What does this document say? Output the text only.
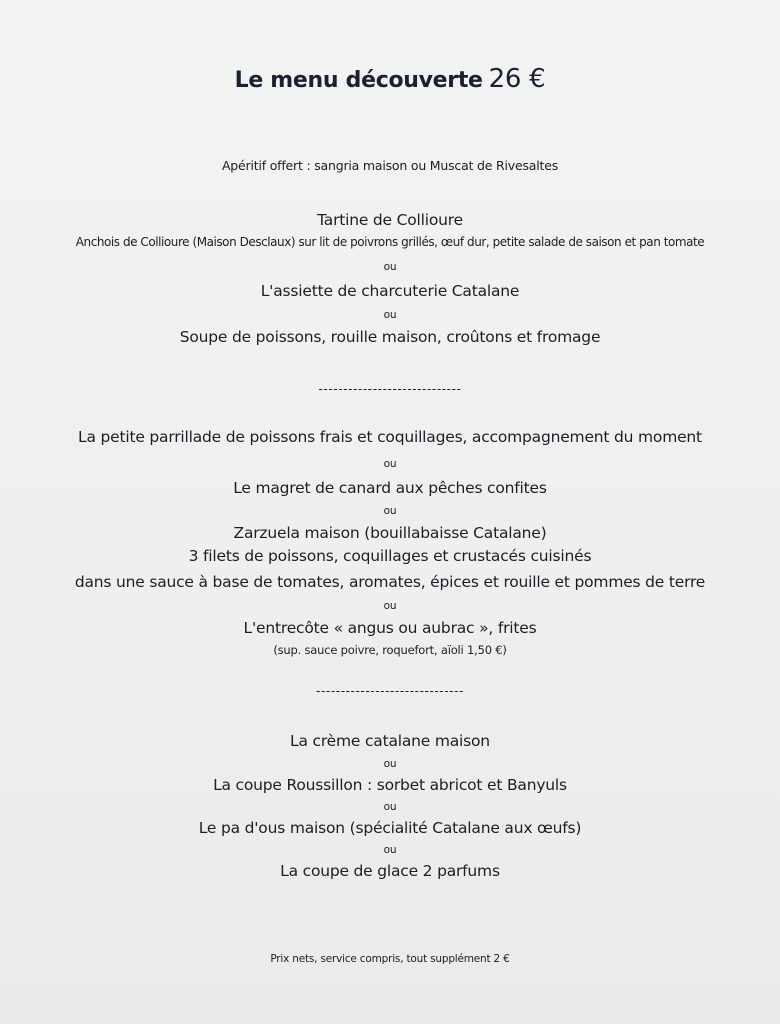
Le menu découverte 26 €
Apéritif offert : sangria maison ou Muscat de Rivesaltes
Tartine de Collioure
Anchois de Collioure (Maison Desclaux) sur lit de poivrons grillés, œuf dur, petite salade de saison et pan tomate
ou
L'assiette de charcuterie Catalane
ou
Soupe de poissons, rouille maison, croûtons et fromage
-----------------------------
La petite parrillade de poissons frais et coquillages, accompagnement du moment
ou
Le magret de canard aux pêches confites
ou
Zarzuela maison (bouillabaisse Catalane)
3 filets de poissons, coquillages et crustacés cuisinés
dans une sauce à base de tomates, aromates, épices et rouille et pommes de terre
ou
L'entrecôte « angus ou aubrac », frites
(sup. sauce poivre, roquefort, aïoli 1,50 €)
------------------------------
La crème catalane maison
ou
La coupe Roussillon : sorbet abricot et Banyuls
ou
Le pa d'ous maison (spécialité Catalane aux œufs)
ou
La coupe de glace 2 parfums
Prix nets, service compris, tout supplément 2 €
